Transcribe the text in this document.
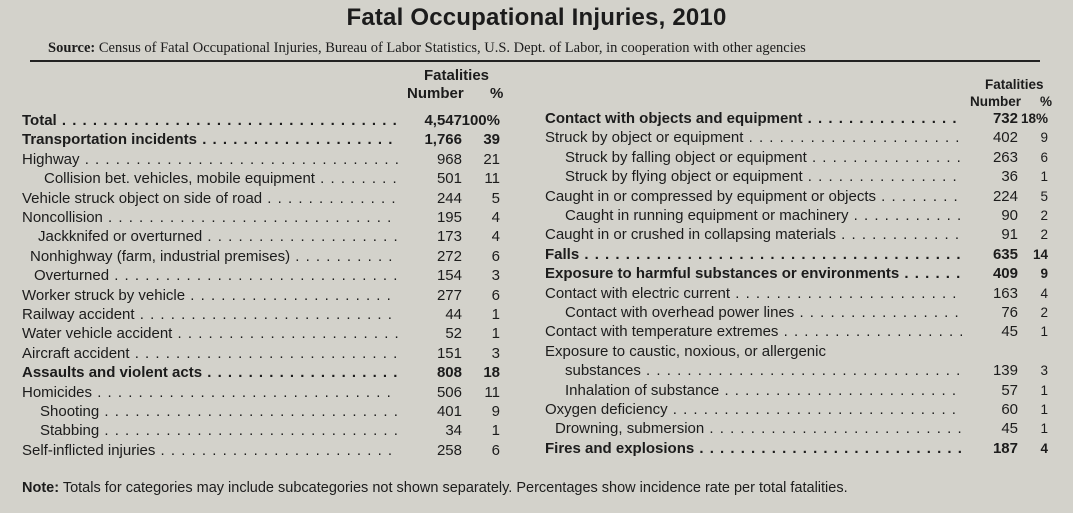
Fatal Occupational Injuries, 2010
Source: Census of Fatal Occupational Injuries, Bureau of Labor Statistics, U.S. Dept. of Labor, in cooperation with other agencies
Fatalities
Number %
Fatalities
Number %
Total . . .	4,547 100%
Transportation incidents . . .	1,766	39
Highway . . .	968	21
Collision bet. vehicles, mobile equipment . . .	501	11
Vehicle struck object on side of road . . .	244	5
Noncollision . . .	195	4
Jackknifed or overturned . . .	173	4
Nonhighway (farm, industrial premises) . . .	272	6
Overturned . . .	154	3
Worker struck by vehicle . . .	277	6
Railway accident . . .	44	1
Water vehicle accident . . .	52	1
Aircraft accident . . .	151	3
Assaults and violent acts . . .	808	18
Homicides . . .	506	11
Shooting . . .	401	9
Stabbing . . .	34	1
Self-inflicted injuries . . .	258	6
Contact with objects and equipment . . .	732 18%
Struck by object or equipment . . .	402	9
Struck by falling object or equipment . . .	263	6
Struck by flying object or equipment . . .	36	1
Caught in or compressed by equipment or objects . . .	224	5
Caught in running equipment or machinery . . .	90	2
Caught in or crushed in collapsing materials . . .	91	2
Falls . . .	635	14
Exposure to harmful substances or environments . . .	409	9
Contact with electric current . . .	163	4
Contact with overhead power lines . . .	76	2
Contact with temperature extremes . . .	45	1
Exposure to caustic, noxious, or allergenic
substances . . .	139	3
Inhalation of substance . . .	57	1
Oxygen deficiency . . .	60	1
Drowning, submersion . . .	45	1
Fires and explosions . . .	187	4
Note: Totals for categories may include subcategories not shown separately. Percentages show incidence rate per total fatalities.
